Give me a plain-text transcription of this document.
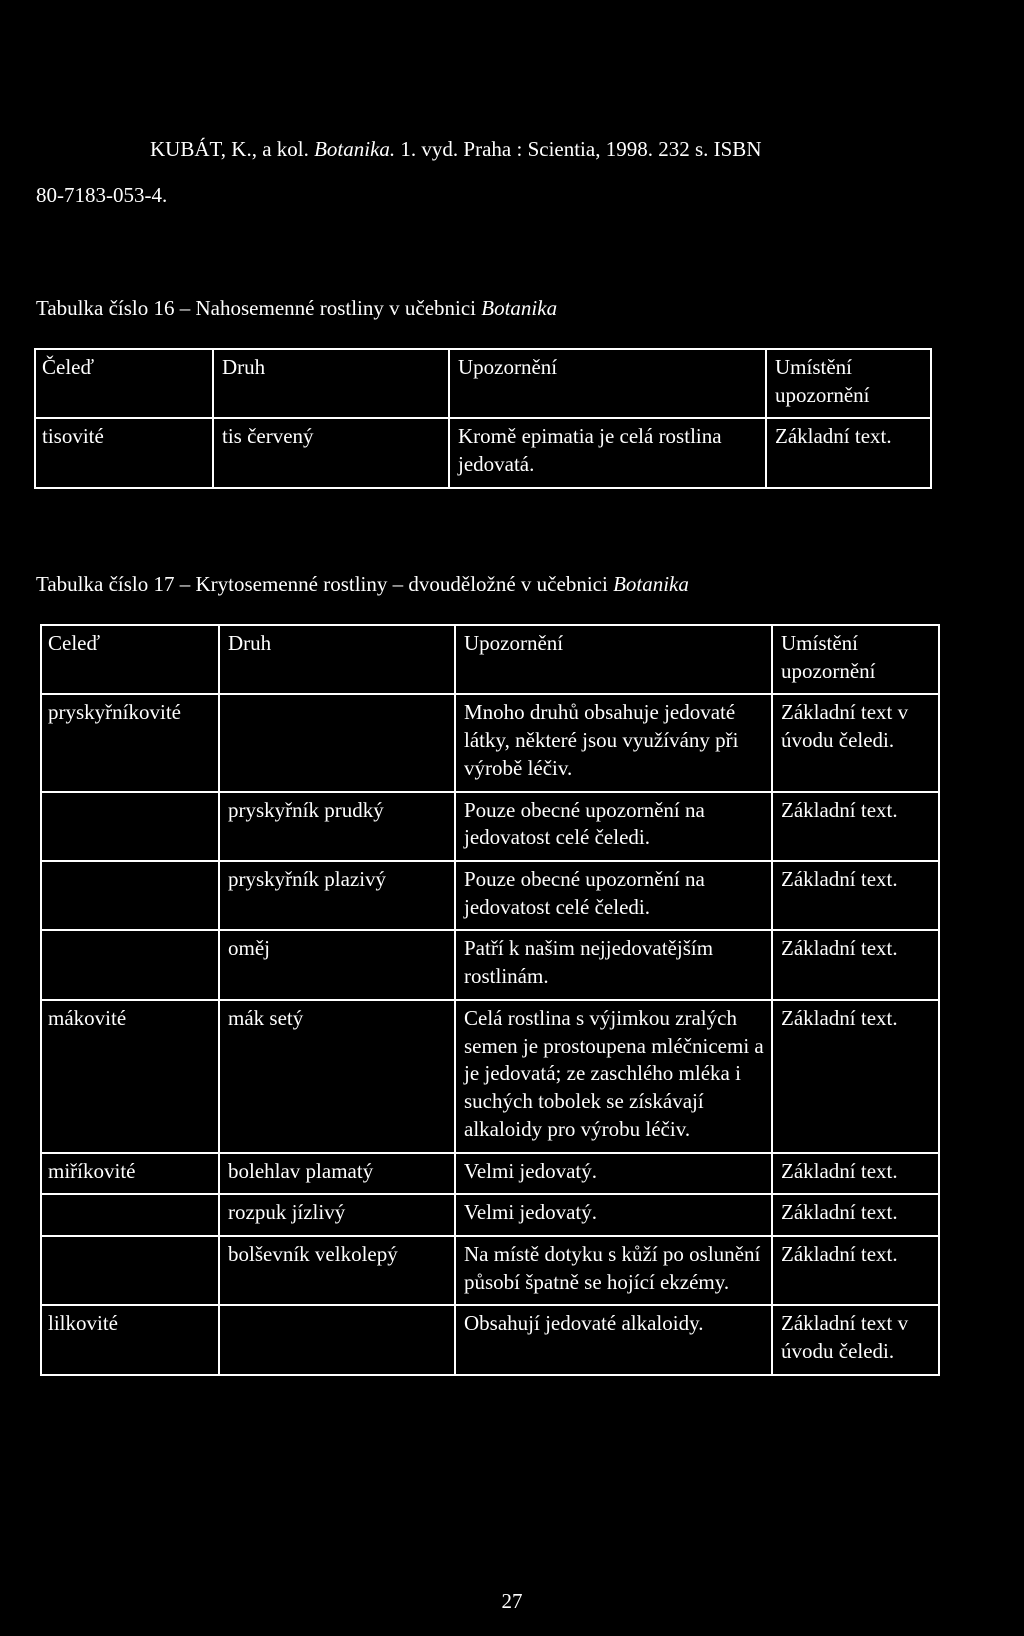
KUBÁT, K., a kol. Botanika. 1. vyd. Praha : Scientia, 1998. 232 s. ISBN
80-7183-053-4.
Tabulka číslo 16 – Nahosemenné rostliny v učebnici Botanika
Čeleď	Druh	Upozornění	Umístění upozornění
tisovité	tis červený	Kromě epimatia je celá rostlina jedovatá.	Základní text.
Tabulka číslo 17 – Krytosemenné rostliny – dvouděložné v učebnici Botanika
Celeď	Druh	Upozornění	Umístění upozornění
pryskyřníkovité		Mnoho druhů obsahuje jedovaté látky, některé jsou využívány při výrobě léčiv.	Základní text v úvodu čeledi.
	pryskyřník prudký	Pouze obecné upozornění na jedovatost celé čeledi.	Základní text.
	pryskyřník plazivý	Pouze obecné upozornění na jedovatost celé čeledi.	Základní text.
	oměj	Patří k našim nejjedovatějším rostlinám.	Základní text.
mákovité	mák setý	Celá rostlina s výjimkou zralých semen je prostoupena mléčnicemi a je jedovatá; ze zaschlého mléka i suchých tobolek se získávají alkaloidy pro výrobu léčiv.	Základní text.
miříkovité	bolehlav plamatý	Velmi jedovatý.	Základní text.
	rozpuk jízlivý	Velmi jedovatý.	Základní text.
	bolševník velkolepý	Na místě dotyku s kůží po oslunění působí špatně se hojící ekzémy.	Základní text.
lilkovité		Obsahují jedovaté alkaloidy.	Základní text v úvodu čeledi.
27
